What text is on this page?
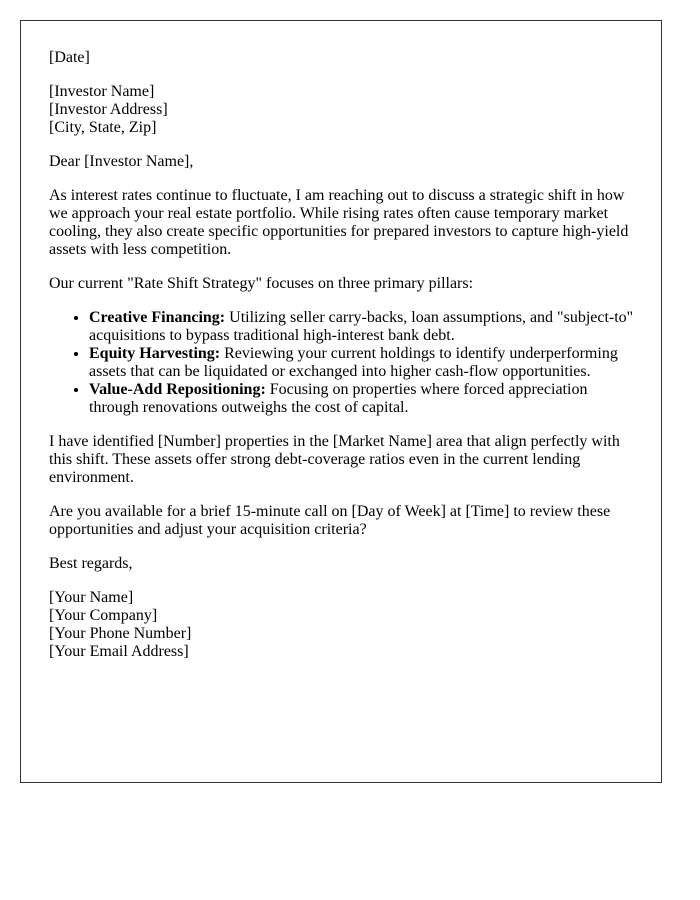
[Date]

[Investor Name]
[Investor Address]
[City, State, Zip]

Dear [Investor Name],

As interest rates continue to fluctuate, I am reaching out to discuss a strategic shift in how we approach your real estate portfolio. While rising rates often cause temporary market cooling, they also create specific opportunities for prepared investors to capture high-yield assets with less competition.

Our current "Rate Shift Strategy" focuses on three primary pillars:

• Creative Financing: Utilizing seller carry-backs, loan assumptions, and "subject-to" acquisitions to bypass traditional high-interest bank debt.
• Equity Harvesting: Reviewing your current holdings to identify underperforming assets that can be liquidated or exchanged into higher cash-flow opportunities.
• Value-Add Repositioning: Focusing on properties where forced appreciation through renovations outweighs the cost of capital.

I have identified [Number] properties in the [Market Name] area that align perfectly with this shift. These assets offer strong debt-coverage ratios even in the current lending environment.

Are you available for a brief 15-minute call on [Day of Week] at [Time] to review these opportunities and adjust your acquisition criteria?

Best regards,

[Your Name]
[Your Company]
[Your Phone Number]
[Your Email Address]
